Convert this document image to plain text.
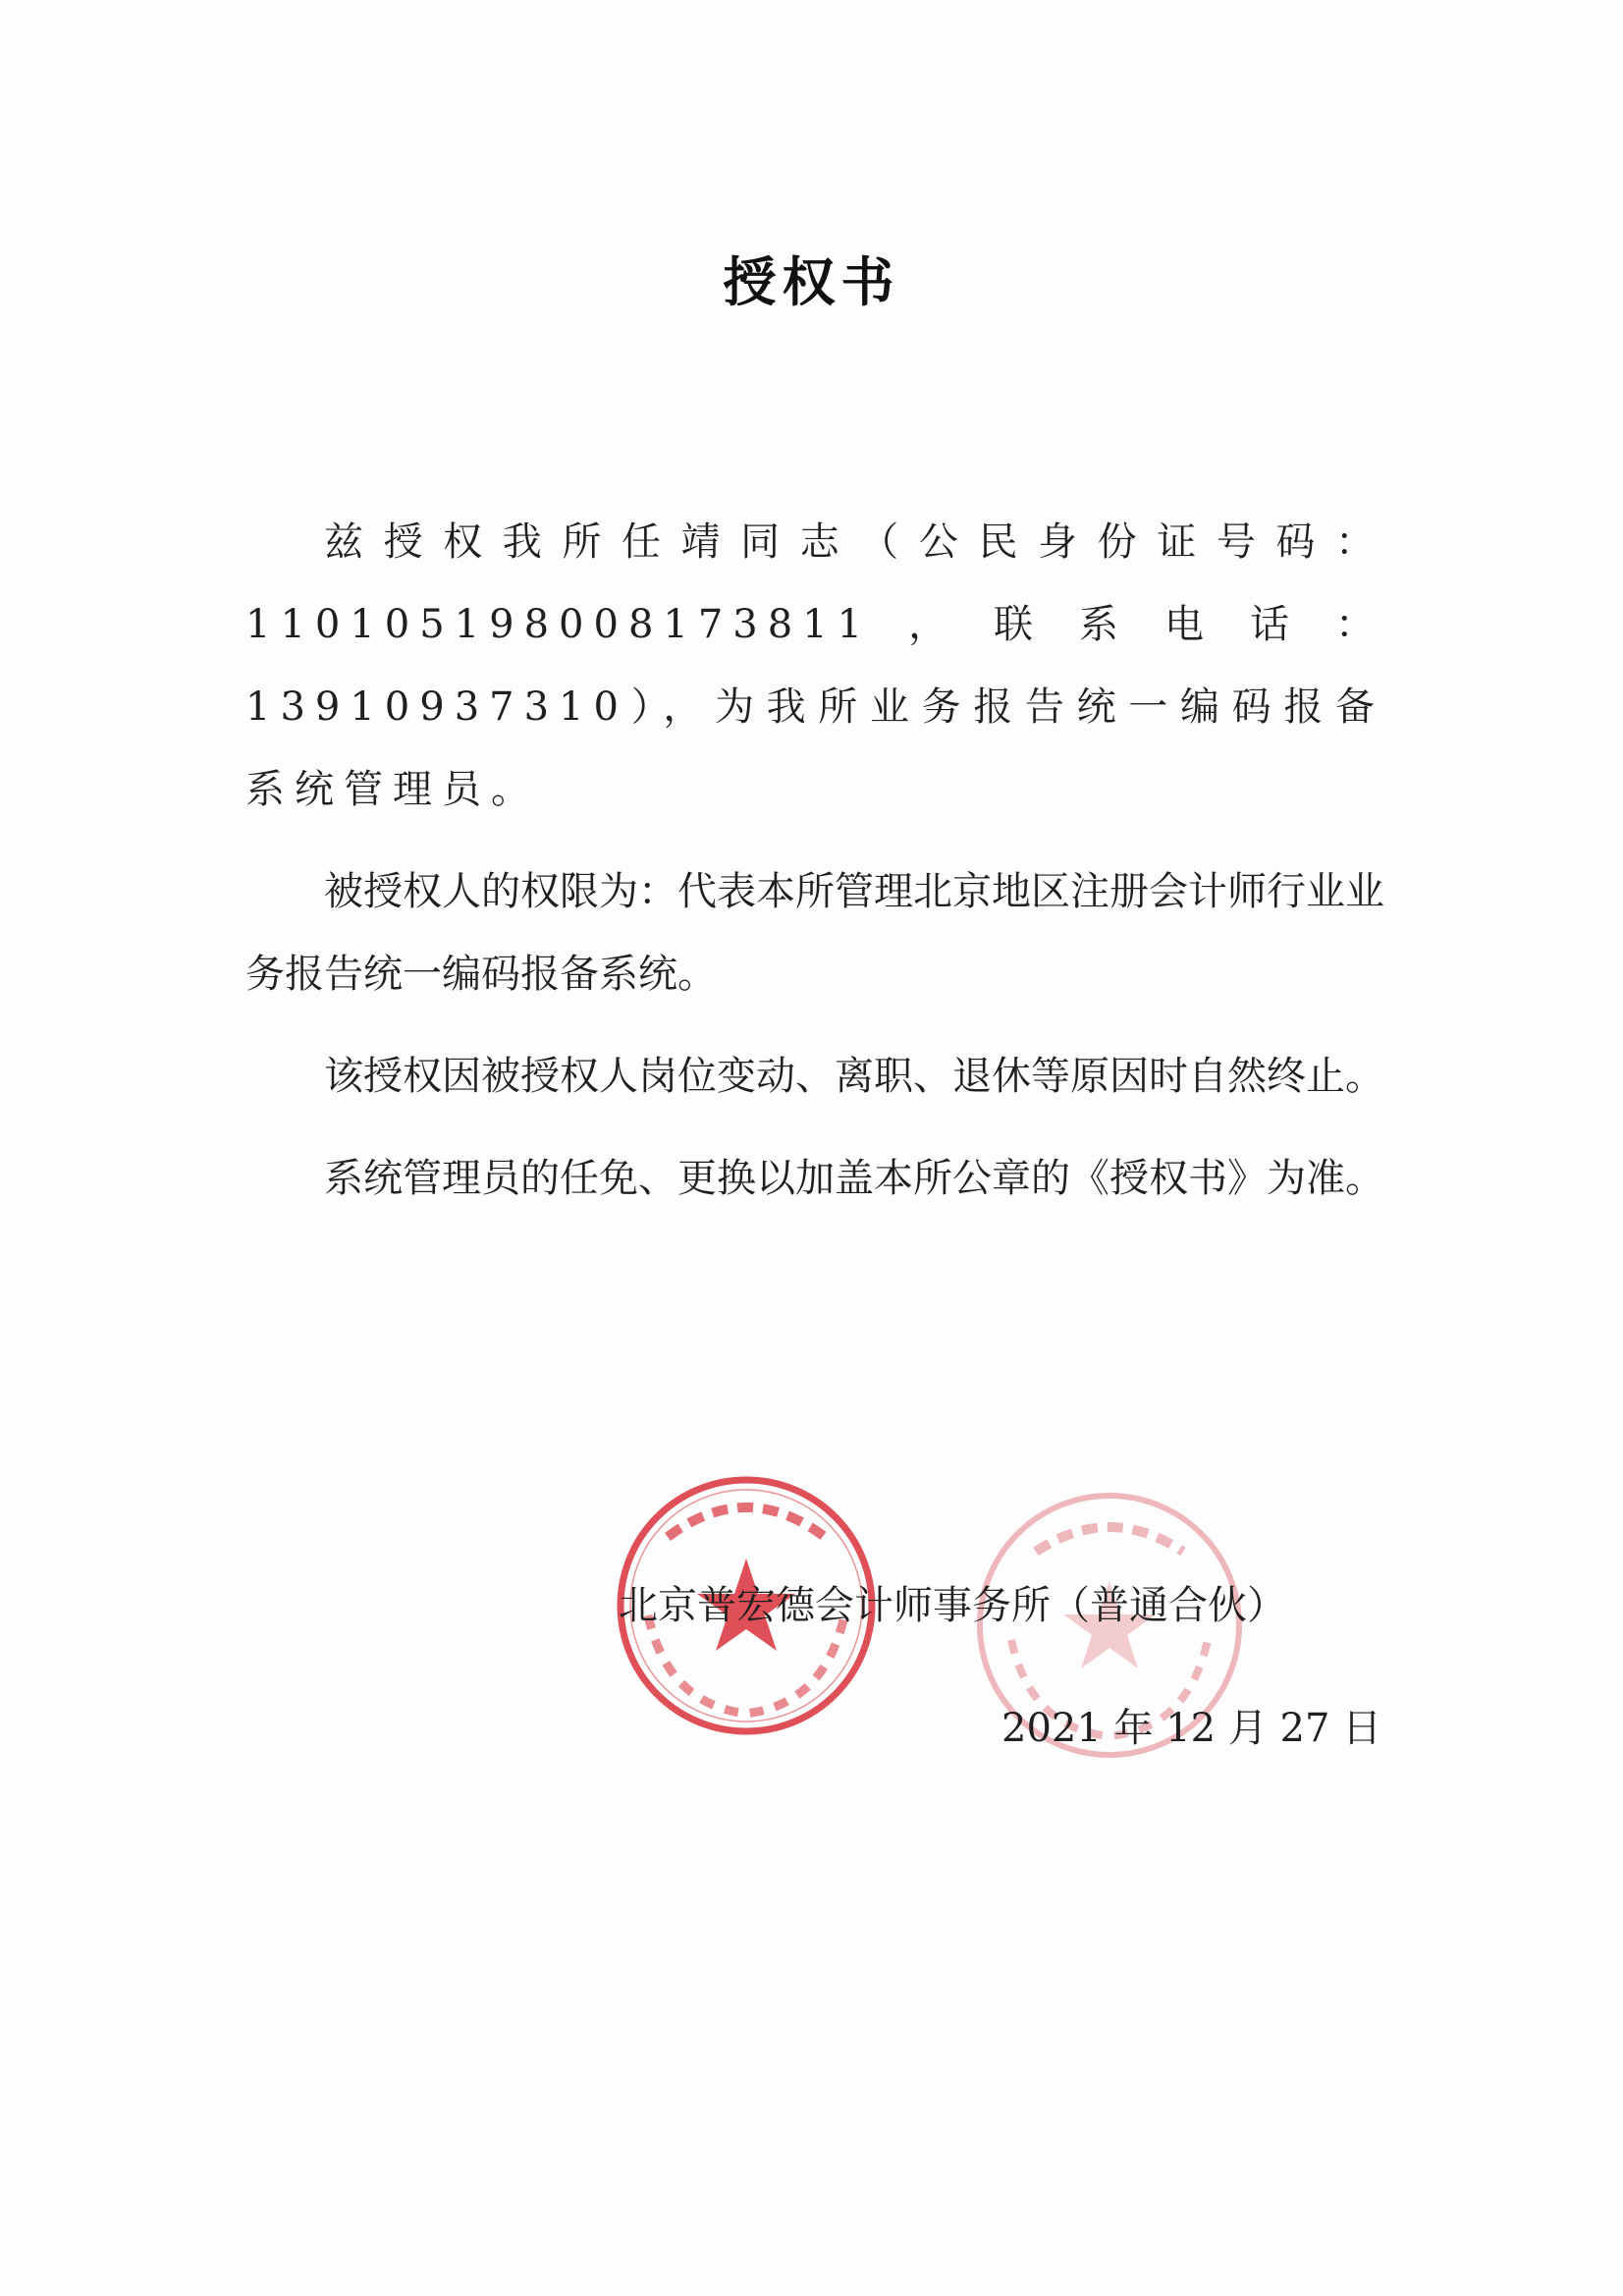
授权书

兹授权我所任靖同志（公民身份证号码：110105198008173811，联系电话：13910937310），为我所业务报告统一编码报备系统管理员。

被授权人的权限为：代表本所管理北京地区注册会计师行业业务报告统一编码报备系统。

该授权因被授权人岗位变动、离职、退休等原因时自然终止。

系统管理员的任免、更换以加盖本所公章的《授权书》为准。

北京普宏德会计师事务所（普通合伙）
2021 年 12 月 27 日
